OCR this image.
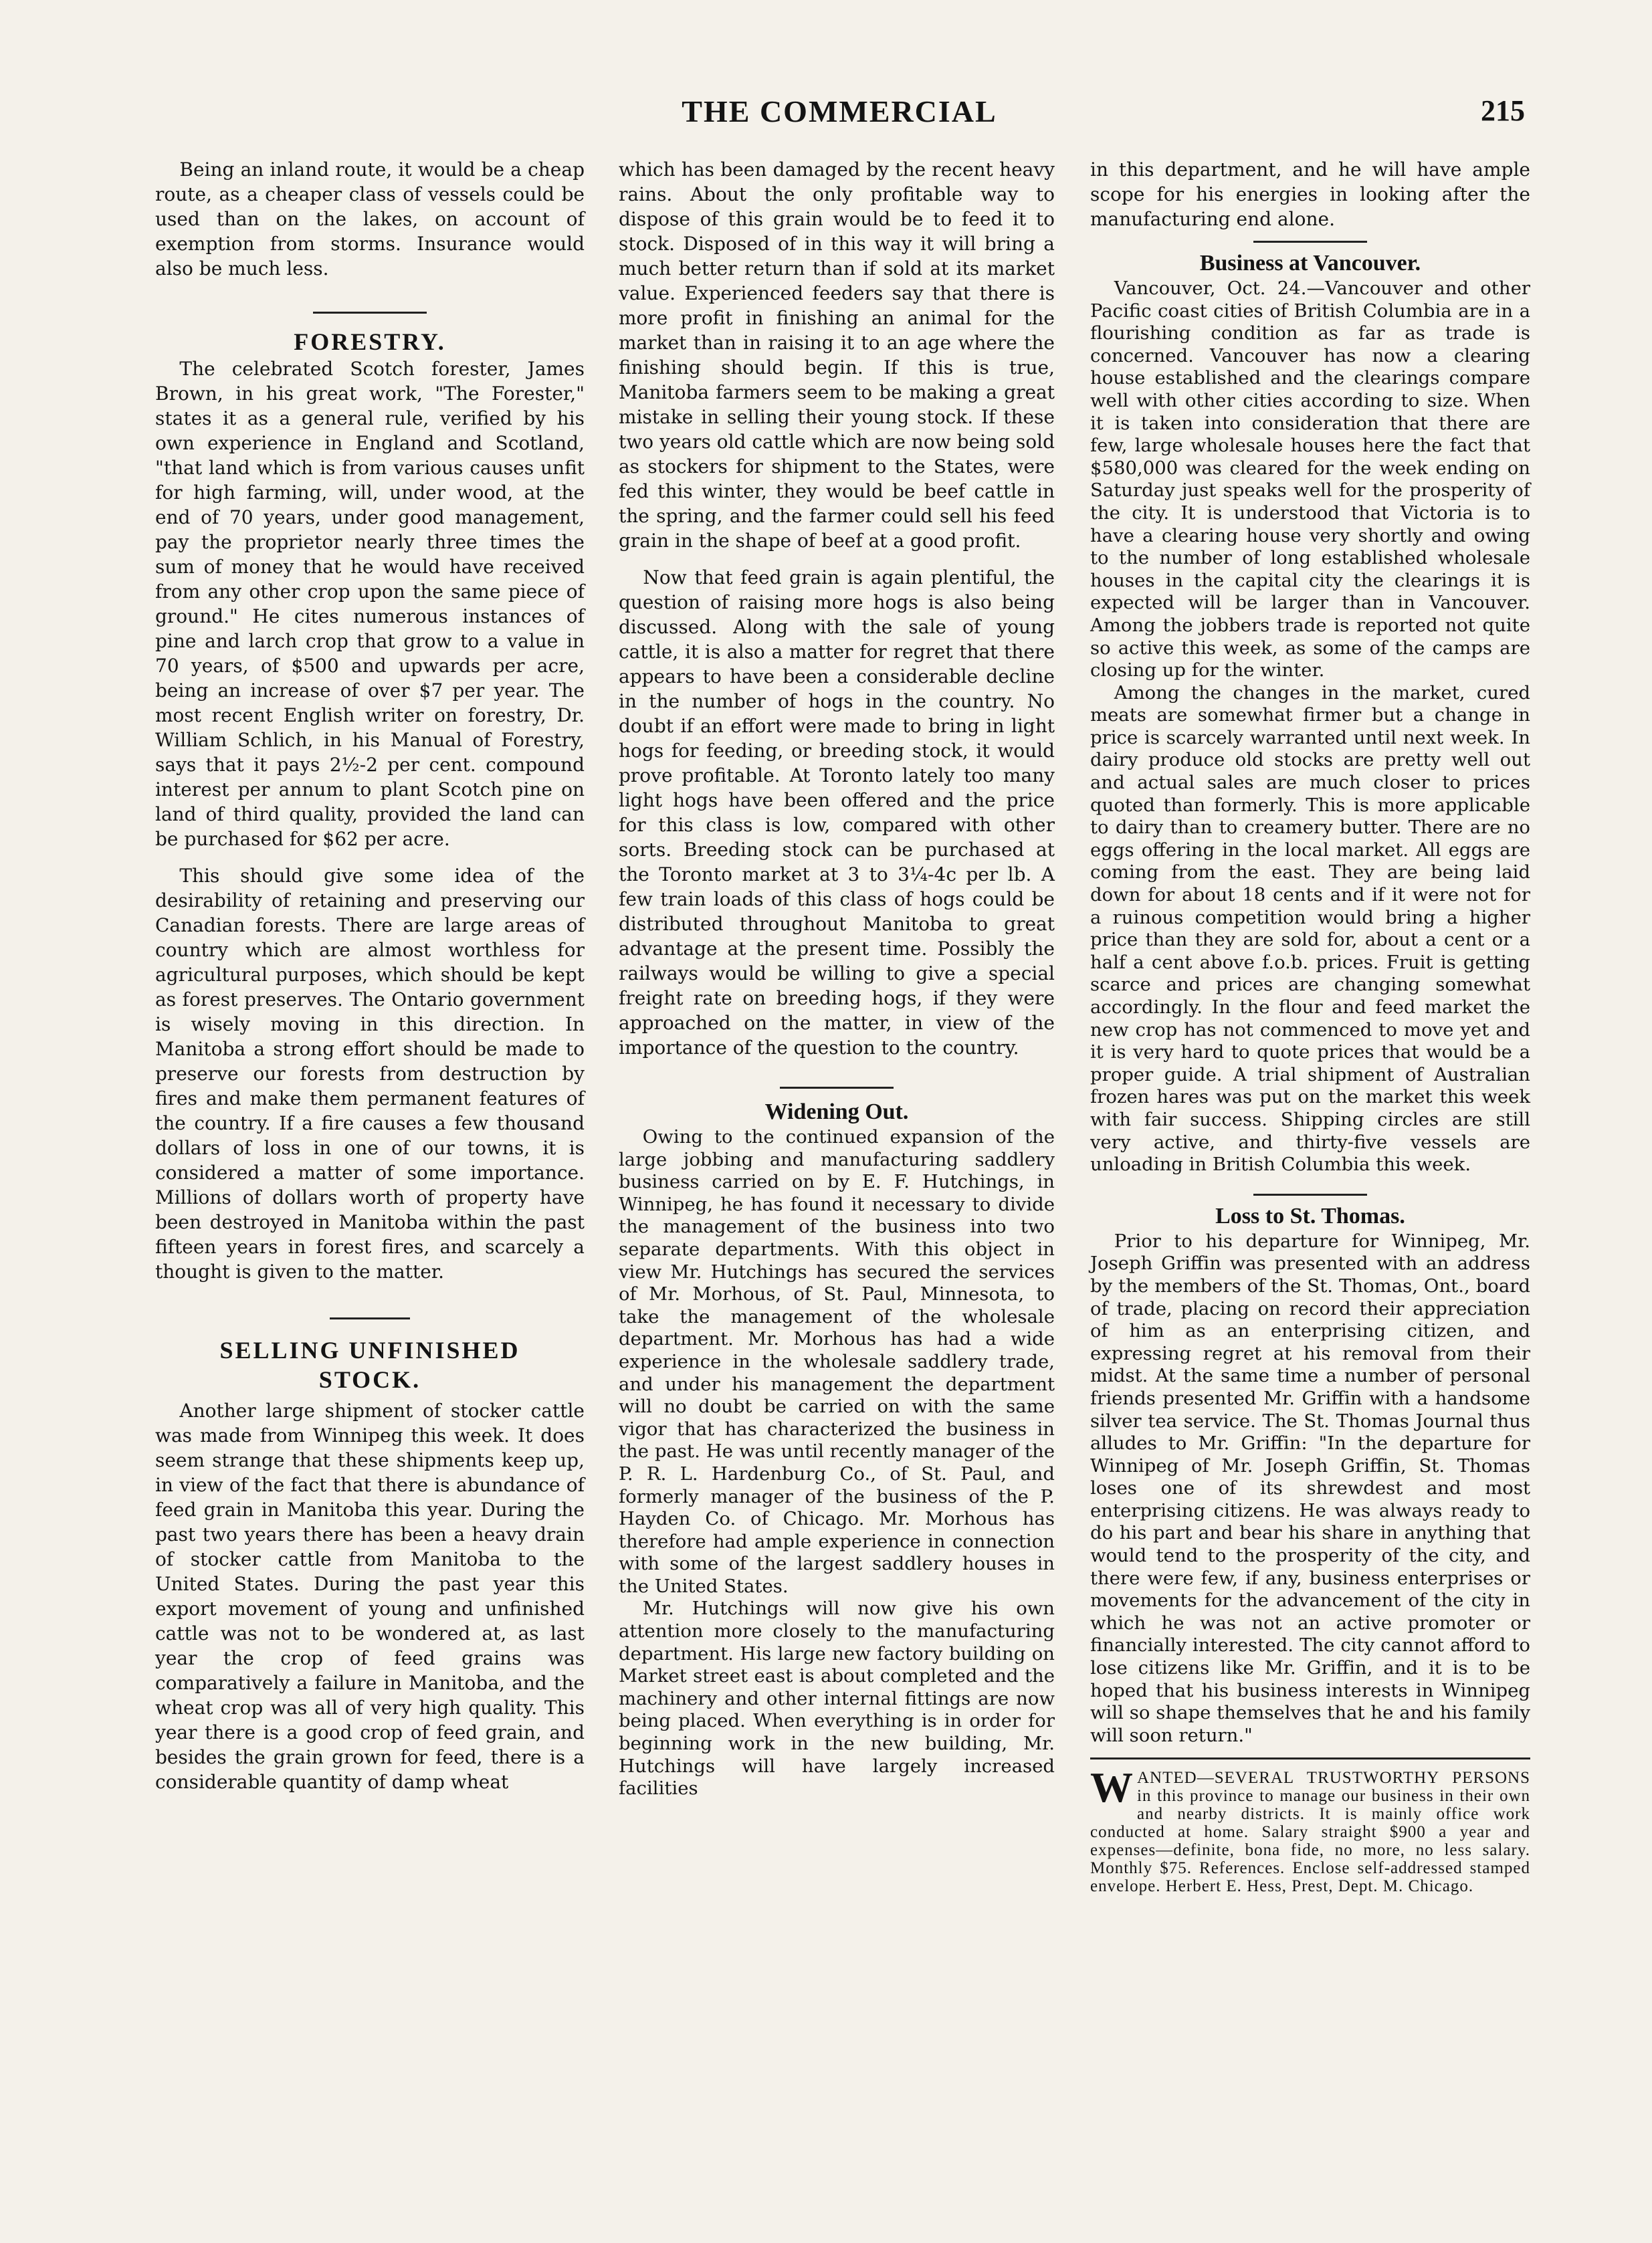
THE COMMERCIAL	215

Being an inland route, it would be a cheap route, as a cheaper class of vessels could be used than on the lakes, on account of exemption from storms. Insurance would also be much less.

FORESTRY.

The celebrated Scotch forester, James Brown, in his great work, "The Forester," states it as a general rule, verified by his own experience in England and Scotland, "that land which is from various causes unfit for high farming, will, under wood, at the end of 70 years, under good management, pay the proprietor nearly three times the sum of money that he would have received from any other crop upon the same piece of ground." He cites numerous instances of pine and larch crop that grow to a value in 70 years, of $500 and upwards per acre, being an increase of over $7 per year. The most recent English writer on forestry, Dr. William Schlich, in his Manual of Forestry, says that it pays 2½-2 per cent. compound interest per annum to plant Scotch pine on land of third quality, provided the land can be purchased for $62 per acre.

This should give some idea of the desirability of retaining and preserving our Canadian forests. There are large areas of country which are almost worthless for agricultural purposes, which should be kept as forest preserves. The Ontario government is wisely moving in this direction. In Manitoba a strong effort should be made to preserve our forests from destruction by fires and make them permanent features of the country. If a fire causes a few thousand dollars of loss in one of our towns, it is considered a matter of some importance. Millions of dollars worth of property have been destroyed in Manitoba within the past fifteen years in forest fires, and scarcely a thought is given to the matter.

SELLING UNFINISHED
STOCK.

Another large shipment of stocker cattle was made from Winnipeg this week. It does seem strange that these shipments keep up, in view of the fact that there is abundance of feed grain in Manitoba this year. During the past two years there has been a heavy drain of stocker cattle from Manitoba to the United States. During the past year this export movement of young and unfinished cattle was not to be wondered at, as last year the crop of feed grains was comparatively a failure in Manitoba, and the wheat crop was all of very high quality. This year there is a good crop of feed grain, and besides the grain grown for feed, there is a considerable quantity of damp wheat

which has been damaged by the recent heavy rains. About the only profitable way to dispose of this grain would be to feed it to stock. Disposed of in this way it will bring a much better return than if sold at its market value. Experienced feeders say that there is more profit in finishing an animal for the market than in raising it to an age where the finishing should begin. If this is true, Manitoba farmers seem to be making a great mistake in selling their young stock. If these two years old cattle which are now being sold as stockers for shipment to the States, were fed this winter, they would be beef cattle in the spring, and the farmer could sell his feed grain in the shape of beef at a good profit.

Now that feed grain is again plentiful, the question of raising more hogs is also being discussed. Along with the sale of young cattle, it is also a matter for regret that there appears to have been a considerable decline in the number of hogs in the country. No doubt if an effort were made to bring in light hogs for feeding, or breeding stock, it would prove profitable. At Toronto lately too many light hogs have been offered and the price for this class is low, compared with other sorts. Breeding stock can be purchased at the Toronto market at 3 to 3¼-4c per lb. A few train loads of this class of hogs could be distributed throughout Manitoba to great advantage at the present time. Possibly the railways would be willing to give a special freight rate on breeding hogs, if they were approached on the matter, in view of the importance of the question to the country.

Widening Out.

Owing to the continued expansion of the large jobbing and manufacturing saddlery business carried on by E. F. Hutchings, in Winnipeg, he has found it necessary to divide the management of the business into two separate departments. With this object in view Mr. Hutchings has secured the services of Mr. Morhous, of St. Paul, Minnesota, to take the management of the wholesale department. Mr. Morhous has had a wide experience in the wholesale saddlery trade, and under his management the department will no doubt be carried on with the same vigor that has characterized the business in the past. He was until recently manager of the P. R. L. Hardenburg Co., of St. Paul, and formerly manager of the business of the P. Hayden Co. of Chicago. Mr. Morhous has therefore had ample experience in connection with some of the largest saddlery houses in the United States.

Mr. Hutchings will now give his own attention more closely to the manufacturing department. His large new factory building on Market street east is about completed and the machinery and other internal fittings are now being placed. When everything is in order for beginning work in the new building, Mr. Hutchings will have largely increased facilities

in this department, and he will have ample scope for his energies in looking after the manufacturing end alone.

Business at Vancouver.

Vancouver, Oct. 24.—Vancouver and other Pacific coast cities of British Columbia are in a flourishing condition as far as trade is concerned. Vancouver has now a clearing house established and the clearings compare well with other cities according to size. When it is taken into consideration that there are few, large wholesale houses here the fact that $580,000 was cleared for the week ending on Saturday just speaks well for the prosperity of the city. It is understood that Victoria is to have a clearing house very shortly and owing to the number of long established wholesale houses in the capital city the clearings it is expected will be larger than in Vancouver. Among the jobbers trade is reported not quite so active this week, as some of the camps are closing up for the winter.

Among the changes in the market, cured meats are somewhat firmer but a change in price is scarcely warranted until next week. In dairy produce old stocks are pretty well out and actual sales are much closer to prices quoted than formerly. This is more applicable to dairy than to creamery butter. There are no eggs offering in the local market. All eggs are coming from the east. They are being laid down for about 18 cents and if it were not for a ruinous competition would bring a higher price than they are sold for, about a cent or a half a cent above f.o.b. prices. Fruit is getting scarce and prices are changing somewhat accordingly. In the flour and feed market the new crop has not commenced to move yet and it is very hard to quote prices that would be a proper guide. A trial shipment of Australian frozen hares was put on the market this week with fair success. Shipping circles are still very active, and thirty-five vessels are unloading in British Columbia this week.

Loss to St. Thomas.

Prior to his departure for Winnipeg, Mr. Joseph Griffin was presented with an address by the members of the St. Thomas, Ont., board of trade, placing on record their appreciation of him as an enterprising citizen, and expressing regret at his removal from their midst. At the same time a number of personal friends presented Mr. Griffin with a handsome silver tea service. The St. Thomas Journal thus alludes to Mr. Griffin: "In the departure for Winnipeg of Mr. Joseph Griffin, St. Thomas loses one of its shrewdest and most enterprising citizens. He was always ready to do his part and bear his share in anything that would tend to the prosperity of the city, and there were few, if any, business enterprises or movements for the advancement of the city in which he was not an active promoter or financially interested. The city cannot afford to lose citizens like Mr. Griffin, and it is to be hoped that his business interests in Winnipeg will so shape themselves that he and his family will soon return."

W ANTED—SEVERAL TRUSTWORTHY PERSONS in this province to manage our business in their own and nearby districts. It is mainly office work conducted at home. Salary straight $900 a year and expenses—definite, bona fide, no more, no less salary. Monthly $75. References. Enclose self-addressed stamped envelope. Herbert E. Hess, Prest, Dept. M. Chicago.
